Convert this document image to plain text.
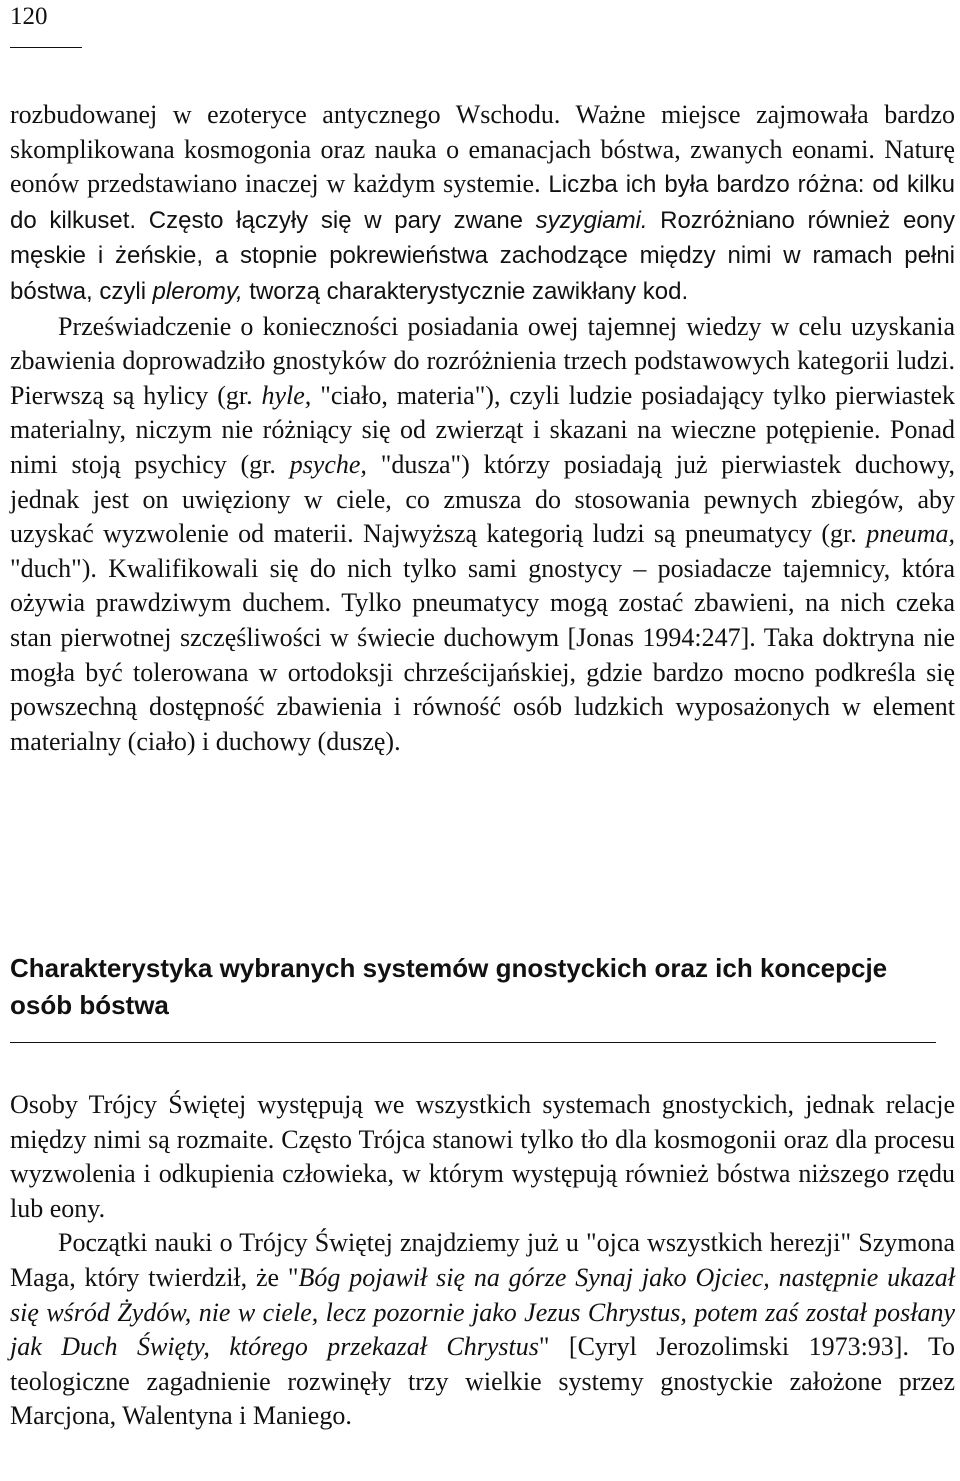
120

rozbudowanej w ezoteryce antycznego Wschodu. Ważne miejsce zajmowała bardzo skomplikowana kosmogonia oraz nauka o emanacjach bóstwa, zwanych eonami. Naturę eonów przedstawiano inaczej w każdym systemie. Liczba ich była bardzo różna: od kilku do kilkuset. Często łączyły się w pary zwane syzygiami. Rozróżniano również eony męskie i żeńskie, a stopnie pokrewieństwa zachodzące między nimi w ramach pełni bóstwa, czyli pleromy, tworzą charakterystycznie zawikłany kod.

Przeświadczenie o konieczności posiadania owej tajemnej wiedzy w celu uzyskania zbawienia doprowadziło gnostyków do rozróżnienia trzech podstawowych kategorii ludzi. Pierwszą są hylicy (gr. hyle, "ciało, materia"), czyli ludzie posiadający tylko pierwiastek materialny, niczym nie różniący się od zwierząt i skazani na wieczne potępienie. Ponad nimi stoją psychicy (gr. psyche, "dusza") którzy posiadają już pierwiastek duchowy, jednak jest on uwięziony w ciele, co zmusza do stosowania pewnych zbiegów, aby uzyskać wyzwolenie od materii. Najwyższą kategorią ludzi są pneumatycy (gr. pneuma, "duch"). Kwalifikowali się do nich tylko sami gnostycy – posiadacze tajemnicy, która ożywia prawdziwym duchem. Tylko pneumatycy mogą zostać zbawieni, na nich czeka stan pierwotnej szczęśliwości w świecie duchowym [Jonas 1994:247]. Taka doktryna nie mogła być tolerowana w ortodoksji chrześcijańskiej, gdzie bardzo mocno podkreśla się powszechną dostępność zbawienia i równość osób ludzkich wyposażonych w element materialny (ciało) i duchowy (duszę).

Charakterystyka wybranych systemów gnostyckich oraz ich koncepcje osób bóstwa

Osoby Trójcy Świętej występują we wszystkich systemach gnostyckich, jednak relacje między nimi są rozmaite. Często Trójca stanowi tylko tło dla kosmogonii oraz dla procesu wyzwolenia i odkupienia człowieka, w którym występują również bóstwa niższego rzędu lub eony.

Początki nauki o Trójcy Świętej znajdziemy już u "ojca wszystkich herezji" Szymona Maga, który twierdził, że "Bóg pojawił się na górze Synaj jako Ojciec, następnie ukazał się wśród Żydów, nie w ciele, lecz pozornie jako Jezus Chrystus, potem zaś został posłany jak Duch Święty, którego przekazał Chrystus" [Cyryl Jerozolimski 1973:93]. To teologiczne zagadnienie rozwinęły trzy wielkie systemy gnostyckie założone przez Marcjona, Walentyna i Maniego.
